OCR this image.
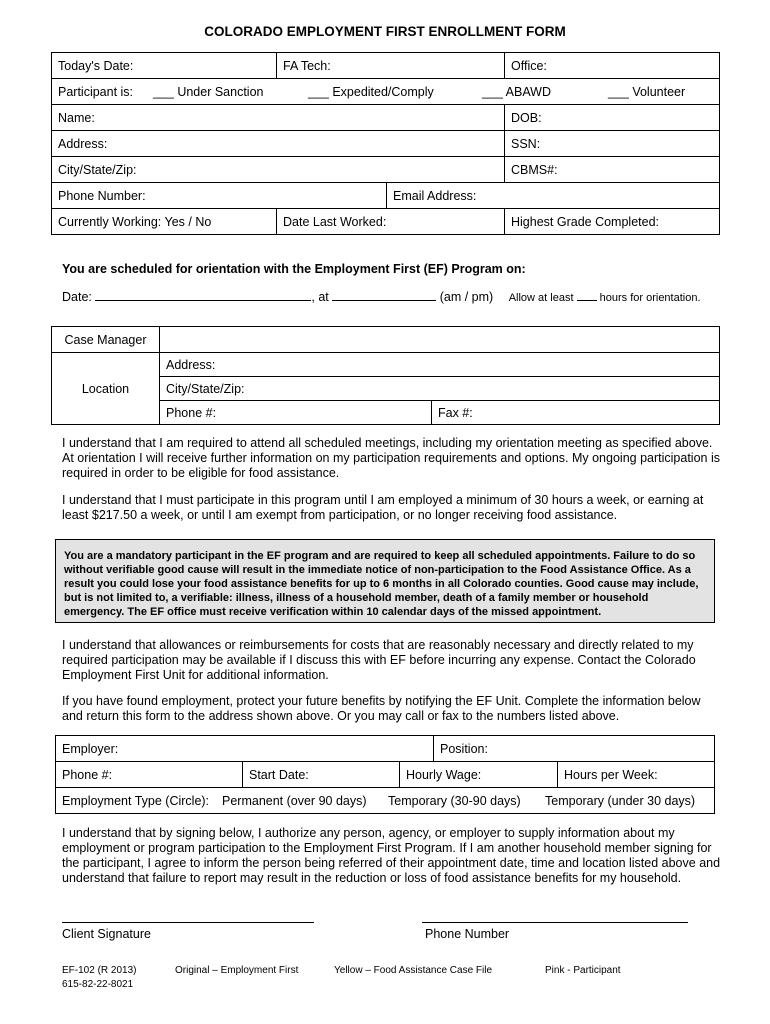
COLORADO EMPLOYMENT FIRST ENROLLMENT FORM
Today's Date:	FA Tech:		Office:
Participant is: ___ Under Sanction ___ Expedited/Comply ___ ABAWD ___ Volunteer			

Name:			DOB:
Address:			SSN:
City/State/Zip:			CBMS#:
Phone Number:		Email Address:	
Currently Working: Yes / No	Date Last Worked:		Highest Grade Completed:
You are scheduled for orientation with the Employment First (EF) Program on:
Date:	, at	(am / pm) Allow at least hours for orientation.
Case Manager		
Location	Address:	
	City/State/Zip:	
	Phone #:	Fax #:

I understand that I am required to attend all scheduled meetings, including my orientation meeting as specified above. At orientation I will receive further information on my participation requirements and options. My ongoing participation is required in order to be eligible for food assistance.

I understand that I must participate in this program until I am employed a minimum of 30 hours a week, or earning at least $217.50 a week, or until I am exempt from participation, or no longer receiving food assistance.

You are a mandatory participant in the EF program and are required to keep all scheduled appointments. Failure to do so without verifiable good cause will result in the immediate notice of non-participation to the Food Assistance Office. As a result you could lose your food assistance benefits for up to 6 months in all Colorado counties. Good cause may include, but is not limited to, a verifiable: illness, illness of a household member, death of a family member or household emergency. The EF office must receive verification within 10 calendar days of the missed appointment.

I understand that allowances or reimbursements for costs that are reasonably necessary and directly related to my required participation may be available if I discuss this with EF before incurring any expense. Contact the Colorado Employment First Unit for additional information.

If you have found employment, protect your future benefits by notifying the EF Unit. Complete the information below and return this form to the address shown above. Or you may call or fax to the numbers listed above.

Employer:			Position:	
Phone #:	Start Date:	Hourly Wage:		Hours per Week:
Employment Type (Circle): Permanent (over 90 days) Temporary (30-90 days) Temporary (under 30 days)				

I understand that by signing below, I authorize any person, agency, or employer to supply information about my employment or program participation to the Employment First Program. If I am another household member signing for the participant, I agree to inform the person being referred of their appointment date, time and location listed above and understand that failure to report may result in the reduction or loss of food assistance benefits for my household.

Client Signature	Phone Number
EF-102 (R 2013)
615-82-22-8021
Original – Employment First	Yellow – Food Assistance Case File	Pink - Participant
